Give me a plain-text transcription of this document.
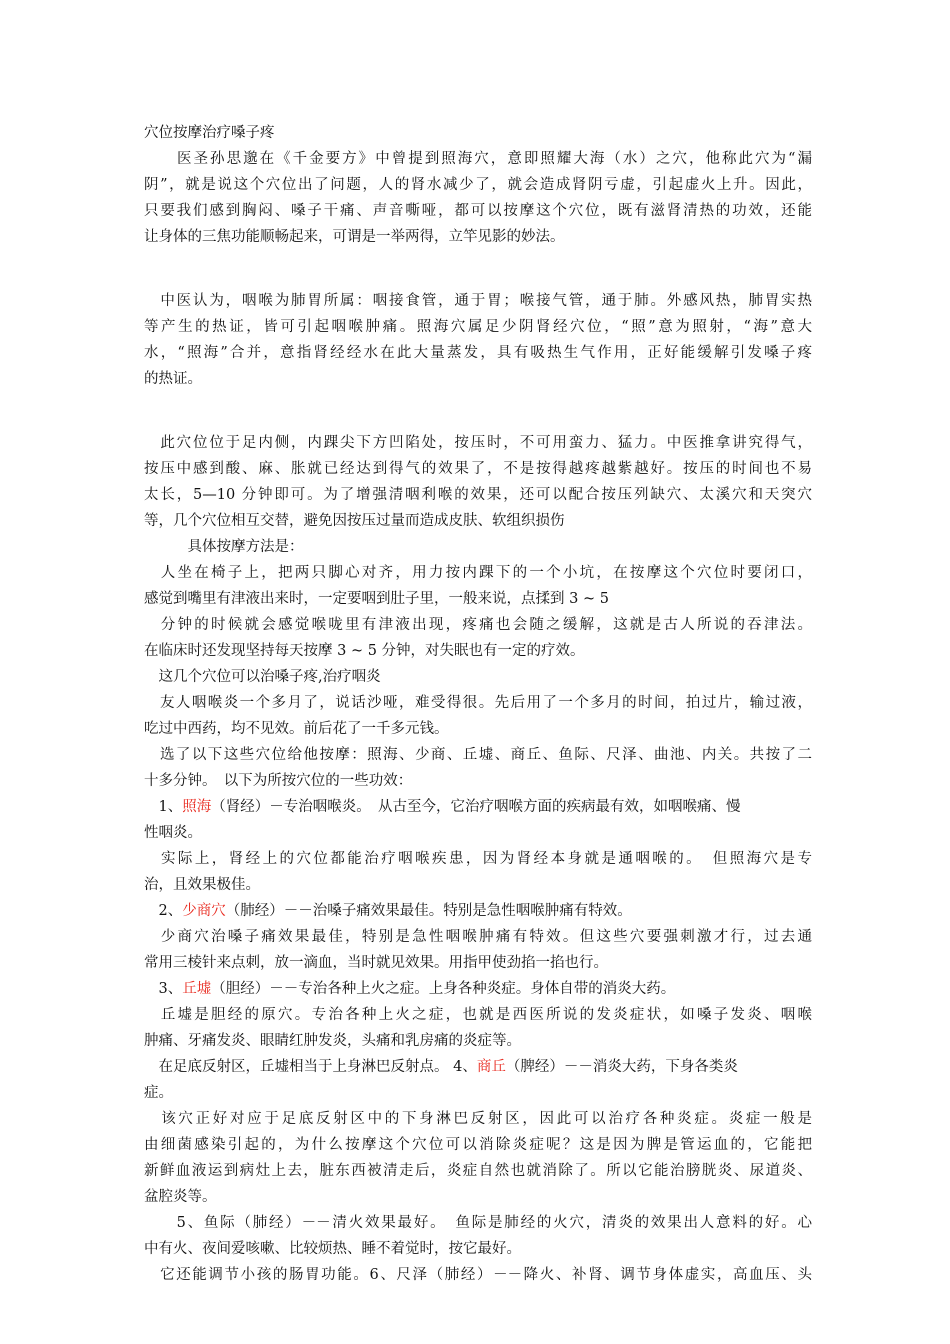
穴位按摩治疗嗓子疼
　　医圣孙思邈在《千金要方》中曾提到照海穴，意即照耀大海（水）之穴，他称此穴为“漏
阴”，就是说这个穴位出了问题，人的肾水减少了，就会造成肾阴亏虚，引起虚火上升。因此，
只要我们感到胸闷、嗓子干痛、声音嘶哑，都可以按摩这个穴位，既有滋肾清热的功效，还能
让身体的三焦功能顺畅起来，可谓是一举两得，立竿见影的妙法。
　中医认为，咽喉为肺胃所属：咽接食管，通于胃；喉接气管，通于肺。外感风热，肺胃实热
等产生的热证，皆可引起咽喉肿痛。照海穴属足少阴肾经穴位，“照”意为照射，“海”意大
水，“照海”合并，意指肾经经水在此大量蒸发，具有吸热生气作用，正好能缓解引发嗓子疼
的热证。
　此穴位位于足内侧，内踝尖下方凹陷处，按压时，不可用蛮力、猛力。中医推拿讲究得气，
按压中感到酸、麻、胀就已经达到得气的效果了，不是按得越疼越紫越好。按压的时间也不易
太长，5—10 分钟即可。为了增强清咽利喉的效果，还可以配合按压列缺穴、太溪穴和天突穴
等，几个穴位相互交替，避免因按压过量而造成皮肤、软组织损伤
　　　具体按摩方法是：
　人坐在椅子上，把两只脚心对齐，用力按内踝下的一个小坑，在按摩这个穴位时要闭口，
感觉到嘴里有津液出来时，一定要咽到肚子里，一般来说，点揉到 3 ~ 5
　分钟的时候就会感觉喉咙里有津液出现，疼痛也会随之缓解，这就是古人所说的吞津法。
在临床时还发现坚持每天按摩 3 ~ 5 分钟，对失眠也有一定的疗效。
　这几个穴位可以治嗓子疼,治疗咽炎
　友人咽喉炎一个多月了，说话沙哑，难受得很。先后用了一个多月的时间，拍过片，输过液，
吃过中西药，均不见效。前后花了一千多元钱。
　选了以下这些穴位给他按摩：照海、少商、丘墟、商丘、鱼际、尺泽、曲池、内关。共按了二
十多分钟。　以下为所按穴位的一些功效：
　1、照海（肾经）－专治咽喉炎。　从古至今，它治疗咽喉方面的疾病最有效，如咽喉痛、慢
性咽炎。
　实际上，肾经上的穴位都能治疗咽喉疾患，因为肾经本身就是通咽喉的。　但照海穴是专
治，且效果极佳。
　2、少商穴（肺经）－－治嗓子痛效果最佳。特别是急性咽喉肿痛有特效。
　少商穴治嗓子痛效果最佳，特别是急性咽喉肿痛有特效。但这些穴要强刺激才行，过去通
常用三棱针来点刺，放一滴血，当时就见效果。用指甲使劲掐一掐也行。
　3、丘墟（胆经）－－专治各种上火之症。上身各种炎症。身体自带的消炎大药。
　丘墟是胆经的原穴。专治各种上火之症，也就是西医所说的发炎症状，如嗓子发炎、咽喉
肿痛、牙痛发炎、眼睛红肿发炎，头痛和乳房痛的炎症等。
　在足底反射区，丘墟相当于上身淋巴反射点。 4、商丘（脾经）－－消炎大药，下身各类炎
症。
　该穴正好对应于足底反射区中的下身淋巴反射区，因此可以治疗各种炎症。炎症一般是
由细菌感染引起的，为什么按摩这个穴位可以消除炎症呢？这是因为脾是管运血的，它能把
新鲜血液运到病灶上去，脏东西被清走后，炎症自然也就消除了。所以它能治膀胱炎、尿道炎、
盆腔炎等。
　　5、鱼际（肺经）－－清火效果最好。　鱼际是肺经的火穴，清炎的效果出人意料的好。心
中有火、夜间爱咳嗽、比较烦热、睡不着觉时，按它最好。
　它还能调节小孩的肠胃功能。6、尺泽（肺经）－－降火、补肾、调节身体虚实，高血压、头
